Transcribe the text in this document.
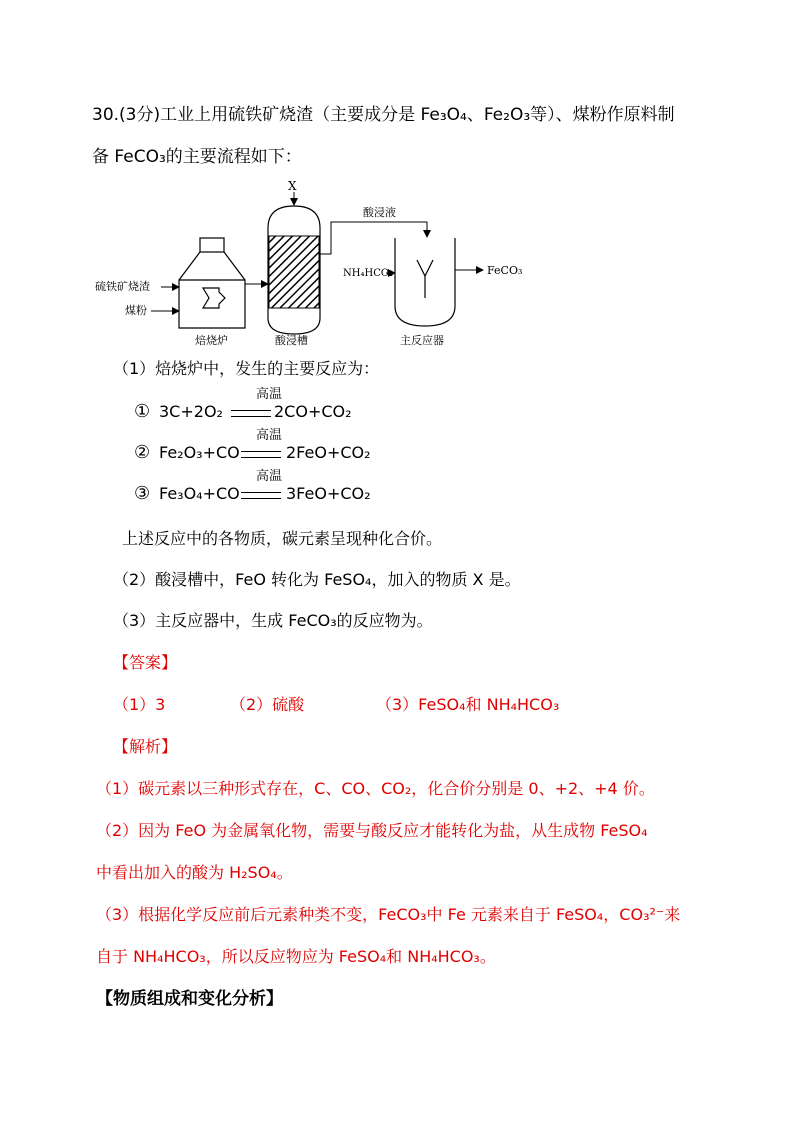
30.(3分)工业上用硫铁矿烧渣（主要成分是 Fe₃O₄、Fe₂O₃等）、煤粉作原料制
备 FeCO₃的主要流程如下：
焙烧炉
硫铁矿烧渣
煤粉
酸浸槽
X
酸浸液
主反应器
NH₄HCO₃	FeCO₃
（1）焙烧炉中，发生的主要反应为：
① 3C+2O₂
高温
2CO+CO₂
② Fe₂O₃+CO
高温
2FeO+CO₂
③ Fe₃O₄+CO
高温
3FeO+CO₂
上述反应中的各物质，碳元素呈现种化合价。
（2）酸浸槽中，FeO 转化为 FeSO₄，加入的物质 X 是。
（3）主反应器中，生成 FeCO₃的反应物为。
【答案】
（1）3	（2）硫酸	（3）FeSO₄和 NH₄HCO₃
【解析】
（1）碳元素以三种形式存在，C、CO、CO₂，化合价分别是 0、+2、+4 价。
（2）因为 FeO 为金属氧化物，需要与酸反应才能转化为盐，从生成物 FeSO₄
中看出加入的酸为 H₂SO₄。
（3）根据化学反应前后元素种类不变，FeCO₃中 Fe 元素来自于 FeSO₄，CO₃²⁻来
自于 NH₄HCO₃，所以反应物应为 FeSO₄和 NH₄HCO₃。
【物质组成和变化分析】
